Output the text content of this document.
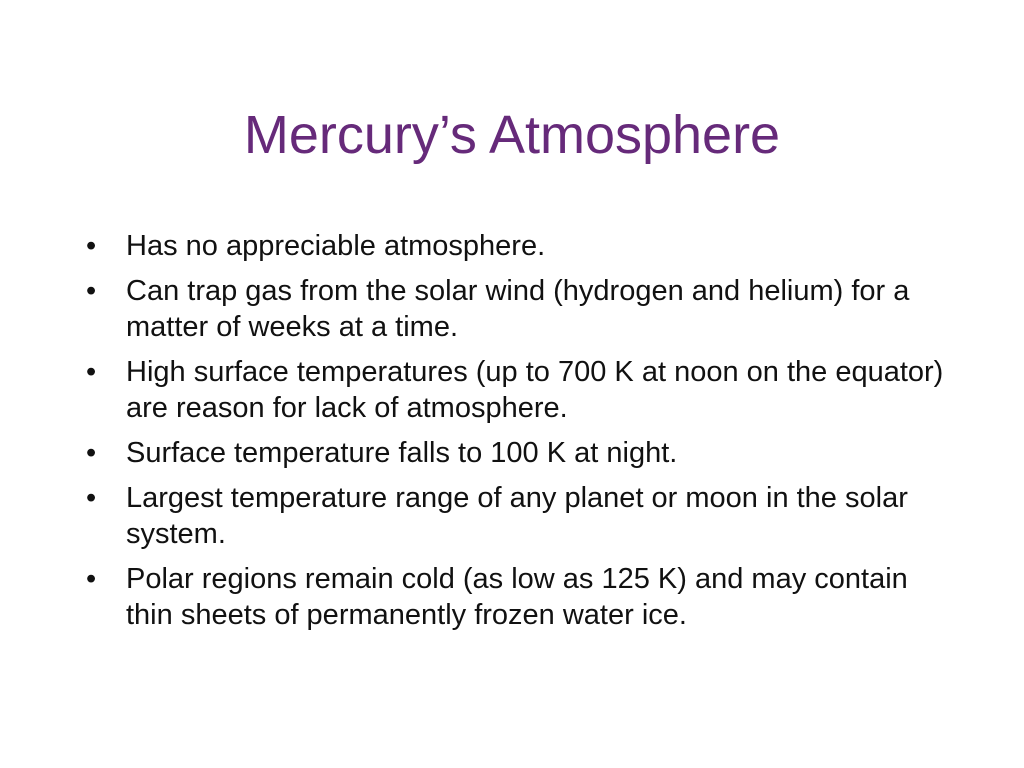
Mercury’s Atmosphere
•	Has no appreciable atmosphere.
•	Can trap gas from the solar wind (hydrogen and helium) for a matter of weeks at a time.
•	High surface temperatures (up to 700 K at noon on the equator) are reason for lack of atmosphere.
•	Surface temperature falls to 100 K at night.
•	Largest temperature range of any planet or moon in the solar system.
•	Polar regions remain cold (as low as 125 K) and may contain thin sheets of permanently frozen water ice.
